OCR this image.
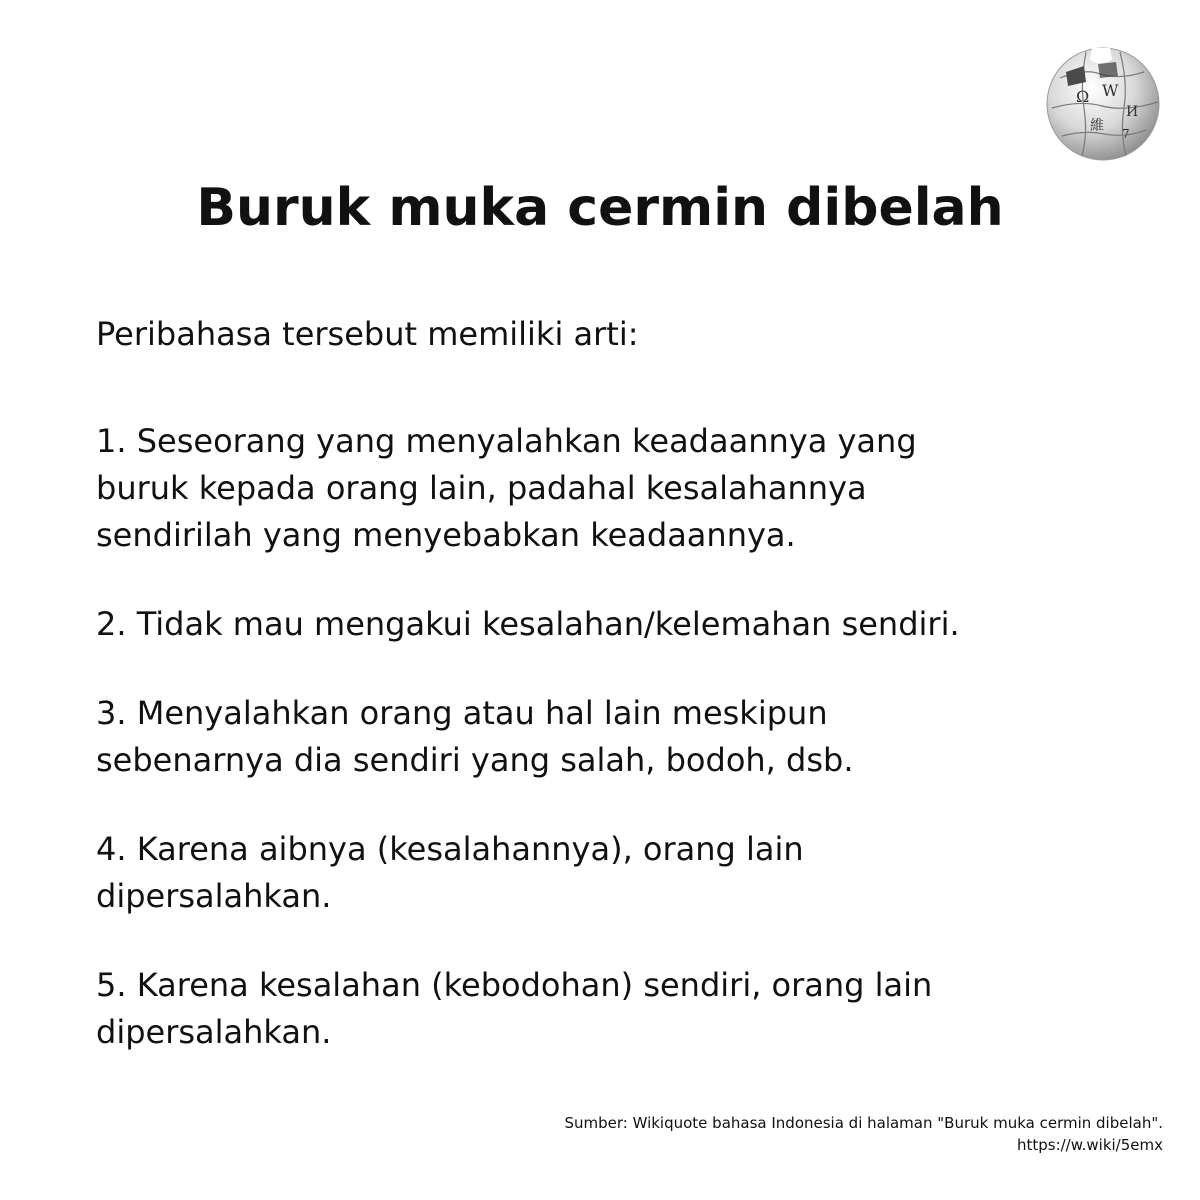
Ω W
И
維 7
Buruk muka cermin dibelah

Peribahasa tersebut memiliki arti:

1. Seseorang yang menyalahkan keadaannya yang
buruk kepada orang lain, padahal kesalahannya
sendirilah yang menyebabkan keadaannya.
2. Tidak mau mengakui kesalahan/kelemahan sendiri.
3. Menyalahkan orang atau hal lain meskipun
sebenarnya dia sendiri yang salah, bodoh, dsb.
4. Karena aibnya (kesalahannya), orang lain
dipersalahkan.
5. Karena kesalahan (kebodohan) sendiri, orang lain
dipersalahkan.

Sumber: Wikiquote bahasa Indonesia di halaman "Buruk muka cermin dibelah".
https://w.wiki/5emx
